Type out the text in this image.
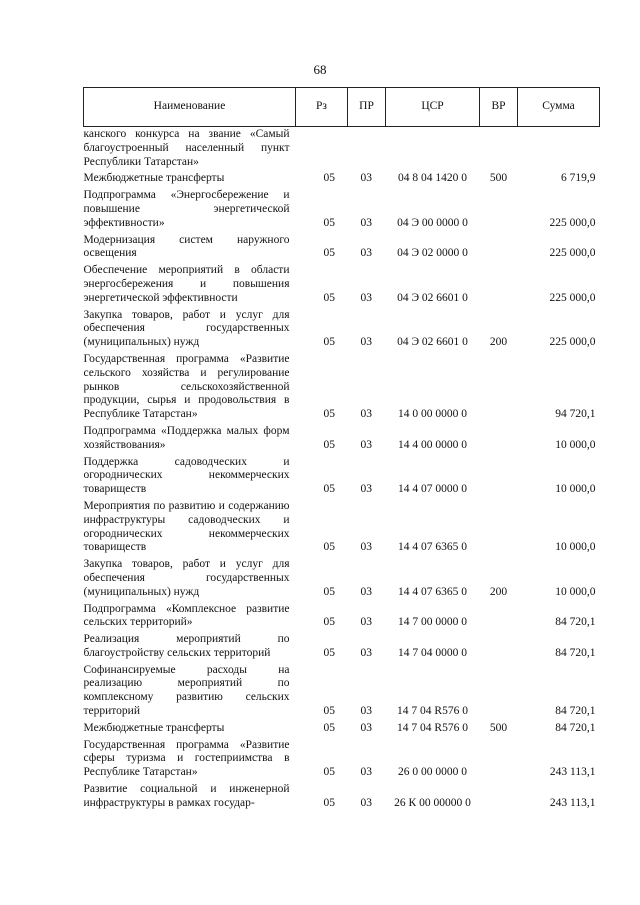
68
Наименование	Рз	ПР	ЦСР	ВР	Сумма
канского конкурса на звание «Самый благоустроенный населенный пункт Республики Татарстан»					
Межбюджетные трансферты	05	03	04 8 04 1420 0	500	6 719,9
Подпрограмма «Энергосбережение и повышение энергетической эффективности»	05	03	04 Э 00 0000 0		225 000,0
Модернизация систем наружного освещения	05	03	04 Э 02 0000 0		225 000,0
Обеспечение мероприятий в области энергосбережения и повышения энергетической эффективности	05	03	04 Э 02 6601 0		225 000,0
Закупка товаров, работ и услуг для обеспечения государственных (муниципальных) нужд	05	03	04 Э 02 6601 0	200	225 000,0
Государственная программа «Развитие сельского хозяйства и регулирование рынков сельскохозяйственной продукции, сырья и продовольствия в Республике Татарстан»	05	03	14 0 00 0000 0		94 720,1
Подпрограмма «Поддержка малых форм хозяйствования»	05	03	14 4 00 0000 0		10 000,0
Поддержка садоводческих и огороднических некоммерческих товариществ	05	03	14 4 07 0000 0		10 000,0
Мероприятия по развитию и содержанию инфраструктуры садоводческих и огороднических некоммерческих товариществ	05	03	14 4 07 6365 0		10 000,0
Закупка товаров, работ и услуг для обеспечения государственных (муниципальных) нужд	05	03	14 4 07 6365 0	200	10 000,0
Подпрограмма «Комплексное развитие сельских территорий»	05	03	14 7 00 0000 0		84 720,1
Реализация мероприятий по благоустройству сельских территорий	05	03	14 7 04 0000 0		84 720,1
Софинансируемые расходы на реализацию мероприятий по комплексному развитию сельских территорий	05	03	14 7 04 R576 0		84 720,1
Межбюджетные трансферты	05	03	14 7 04 R576 0	500	84 720,1
Государственная программа «Развитие сферы туризма и гостеприимства в Республике Татарстан»	05	03	26 0 00 0000 0		243 113,1
Развитие социальной и инженерной инфраструктуры в рамках государ-	05	03	26 К 00 00000 0		243 113,1
